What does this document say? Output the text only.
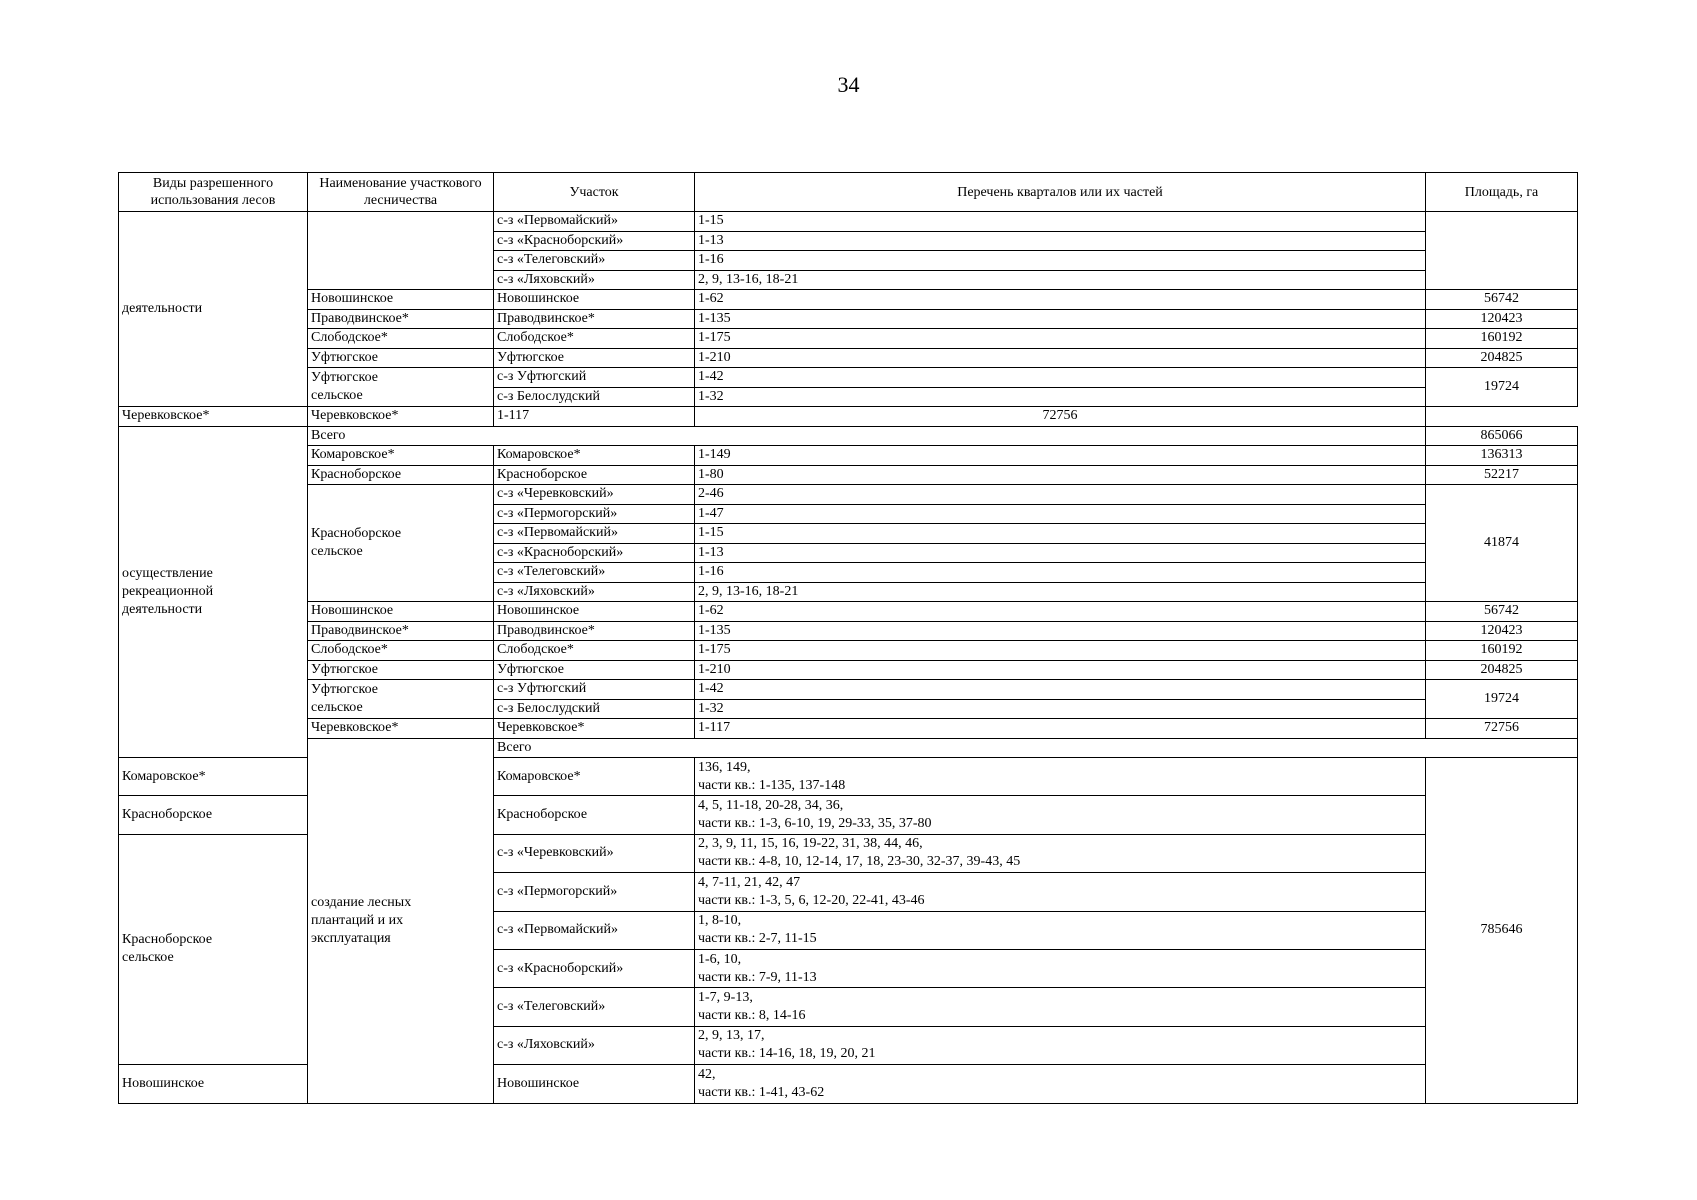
34
Виды разрешенного использования лесов	Наименование участкового лесничества	Участок	Перечень кварталов или их частей	Площадь, га	
деятельности		с-з «Первомайский»	1-15		
		с-з «Красноборский»	1-13		
		с-з «Телеговский»	1-16		
		с-з «Ляховский»	2, 9, 13-16, 18-21		
	Новошинское	Новошинское	1-62	56742	
	Праводвинское*	Праводвинское*	1-135	120423	
	Слободское*	Слободское*	1-175	160192	
	Уфтюгское	Уфтюгское	1-210	204825	

	Уфтюгское
сельское	с-з Уфтюгский	1-42	19724	
		с-з Белослудский	1-32		
Черевковское*	Черевковское*	1-117	72756		

осуществление
рекреационной
деятельности	Всего			865066	
	Комаровское*	Комаровское*	1-149	136313	
	Красноборское	Красноборское	1-80	52217	

	Красноборское
сельское	с-з «Черевковский»	2-46	41874	
		с-з «Пермогорский»	1-47		
		с-з «Первомайский»	1-15		
		с-з «Красноборский»	1-13		
		с-з «Телеговский»	1-16		
		с-з «Ляховский»	2, 9, 13-16, 18-21		
	Новошинское	Новошинское	1-62	56742	
	Праводвинское*	Праводвинское*	1-135	120423	
	Слободское*	Слободское*	1-175	160192	
	Уфтюгское	Уфтюгское	1-210	204825	

	Уфтюгское
сельское	с-з Уфтюгский	1-42	19724	
		с-з Белослудский	1-32		
	Черевковское*	Черевковское*	1-117	72756	

	создание лесных
плантаций и их
эксплуатация	Всего			
Комаровское*		Комаровское*	136, 149,
части кв.: 1-135, 137-148	785646	
Красноборское		Красноборское	4, 5, 11-18, 20-28, 34, 36,
части кв.: 1-3, 6-10, 19, 29-33, 35, 37-80		

Красноборское
сельское		с-з «Черевковский»	2, 3, 9, 11, 15, 16, 19-22, 31, 38, 44, 46,
части кв.: 4-8, 10, 12-14, 17, 18, 23-30, 32-37, 39-43, 45		

		с-з «Пермогорский»	4, 7-11, 21, 42, 47
части кв.: 1-3, 5, 6, 12-20, 22-41, 43-46		

		с-з «Первомайский»	1, 8-10,
части кв.: 2-7, 11-15		

		с-з «Красноборский»	1-6, 10,
части кв.: 7-9, 11-13		

		с-з «Телеговский»	1-7, 9-13,
части кв.: 8, 14-16		

		с-з «Ляховский»	2, 9, 13, 17,
части кв.: 14-16, 18, 19, 20, 21		

Новошинское		Новошинское	42,
части кв.: 1-41, 43-62		
